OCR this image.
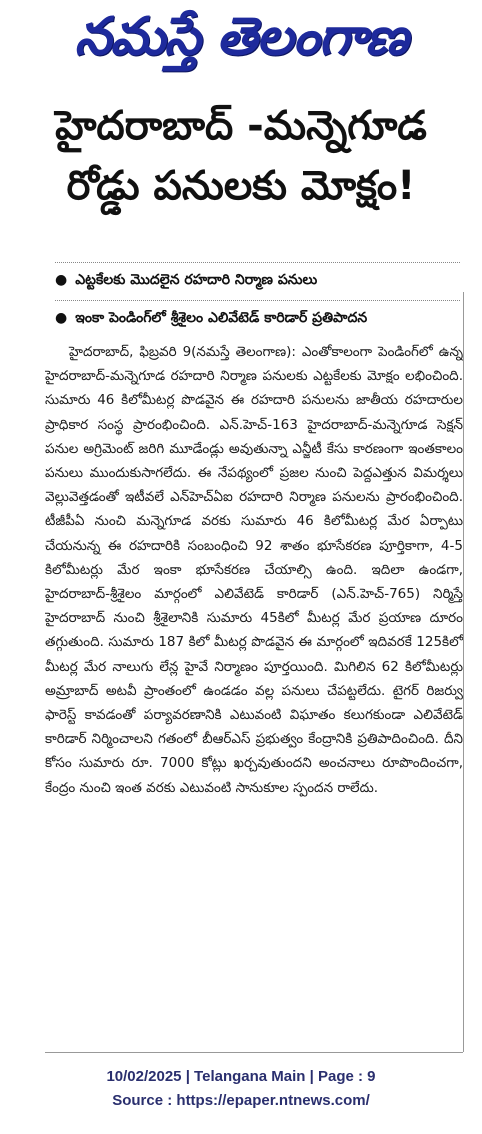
నమస్తే తెలంగాణ
హైదరాబాద్ -మన్నెగూడ
రోడ్డు పనులకు మోక్షం!
● ఎట్టకేలకు మొదలైన రహదారి నిర్మాణ పనులు
● ఇంకా పెండింగ్‌లో శ్రీశైలం ఎలివేటెడ్ కారిడార్ ప్రతిపాదన

హైదరాబాద్, ఫిబ్రవరి 9(నమస్తే తెలంగాణ): ఎంతోకాలంగా పెండింగ్‌లో ఉన్న హైదరాబాద్-మన్నెగూడ రహదారి నిర్మాణ పనులకు ఎట్టకేలకు మోక్షం లభించింది. సుమారు 46 కిలోమీటర్ల పొడవైన ఈ రహదారి పనులను జాతీయ రహదారుల ప్రాధికార సంస్థ ప్రారంభించింది. ఎన్.హెచ్-163 హైదరాబాద్-మన్నెగూడ సెక్షన్ పనుల అగ్రిమెంట్ జరిగి మూడేండ్లు అవుతున్నా ఎన్జీటీ కేసు కారణంగా ఇంతకాలం పనులు ముందుకుసాగలేదు. ఈ నేపథ్యంలో ప్రజల నుంచి పెద్దఎత్తున విమర్శలు వెల్లువెత్తడంతో ఇటీవలే ఎన్‌హెచ్ఏఐ రహదారి నిర్మాణ పనులను ప్రారంభించింది. టీజీపీఏ నుంచి మన్నెగూడ వరకు సుమారు 46 కిలోమీటర్ల మేర ఏర్పాటు చేయనున్న ఈ రహదారికి సంబంధించి 92 శాతం భూసేకరణ పూర్తికాగా, 4-5 కిలోమీటర్లు మేర ఇంకా భూసేకరణ చేయాల్సి ఉంది. ఇదిలా ఉండగా, హైదరాబాద్-శ్రీశైలం మార్గంలో ఎలివేటెడ్ కారిడార్ (ఎన్.హెచ్-765) నిర్మిస్తే హైదరాబాద్ నుంచి శ్రీశైలానికి సుమారు 45కిలో మీటర్ల మేర ప్రయాణ దూరం తగ్గుతుంది. సుమారు 187 కిలో మీటర్ల పొడవైన ఈ మార్గంలో ఇదివరకే 125కిలో మీటర్ల మేర నాలుగు లేన్ల హైవే నిర్మాణం పూర్తయింది. మిగిలిన 62 కిలోమీటర్లు అమ్రాబాద్ అటవీ ప్రాంతంలో ఉండడం వల్ల పనులు చేపట్టలేదు. టైగర్ రిజర్వు ఫారెస్ట్ కావడంతో పర్యావరణానికి ఎటువంటి విఘాతం కలుగకుండా ఎలివేటెడ్ కారిడార్ నిర్మించాలని గతంలో బీఆర్ఎస్ ప్రభుత్వం కేంద్రానికి ప్రతిపాదించింది. దీని కోసం సుమారు రూ. 7000 కోట్లు ఖర్చవుతుందని అంచనాలు రూపొందించగా, కేంద్రం నుంచి ఇంత వరకు ఎటువంటి సానుకూల స్పందన రాలేదు.

10/02/2025 | Telangana Main | Page : 9
Source : https://epaper.ntnews.com/
